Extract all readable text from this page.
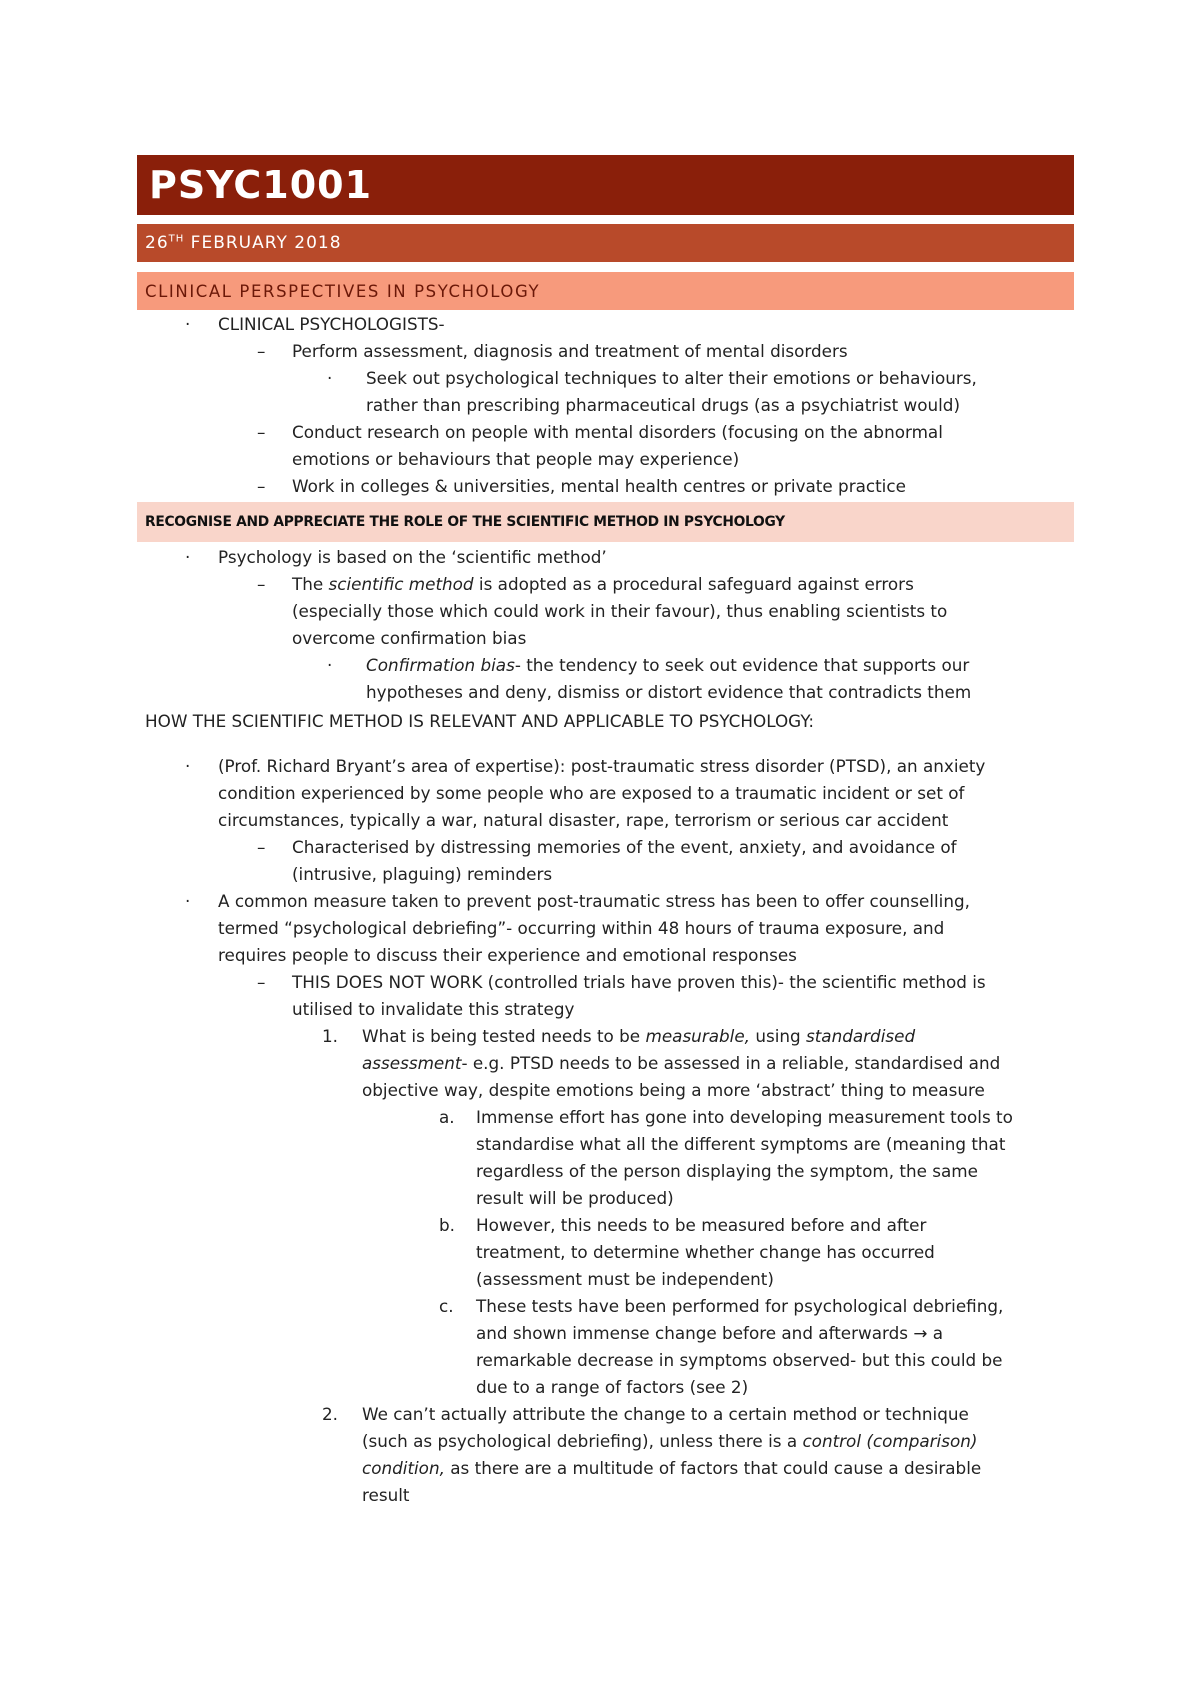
PSYC1001
26TH FEBRUARY 2018
CLINICAL PERSPECTIVES IN PSYCHOLOGY
· CLINICAL PSYCHOLOGISTS-
– Perform assessment, diagnosis and treatment of mental disorders
· Seek out psychological techniques to alter their emotions or behaviours,
rather than prescribing pharmaceutical drugs (as a psychiatrist would)
– Conduct research on people with mental disorders (focusing on the abnormal
emotions or behaviours that people may experience)
– Work in colleges & universities, mental health centres or private practice
RECOGNISE AND APPRECIATE THE ROLE OF THE SCIENTIFIC METHOD IN PSYCHOLOGY
· Psychology is based on the ‘scientific method’
– The scientific method is adopted as a procedural safeguard against errors
(especially those which could work in their favour), thus enabling scientists to
overcome confirmation bias
· Confirmation bias- the tendency to seek out evidence that supports our
hypotheses and deny, dismiss or distort evidence that contradicts them
HOW THE SCIENTIFIC METHOD IS RELEVANT AND APPLICABLE TO PSYCHOLOGY:
· (Prof. Richard Bryant’s area of expertise): post-traumatic stress disorder (PTSD), an anxiety
condition experienced by some people who are exposed to a traumatic incident or set of
circumstances, typically a war, natural disaster, rape, terrorism or serious car accident
– Characterised by distressing memories of the event, anxiety, and avoidance of
(intrusive, plaguing) reminders
· A common measure taken to prevent post-traumatic stress has been to offer counselling,
termed “psychological debriefing”- occurring within 48 hours of trauma exposure, and
requires people to discuss their experience and emotional responses
– THIS DOES NOT WORK (controlled trials have proven this)- the scientific method is
utilised to invalidate this strategy
1. What is being tested needs to be measurable, using standardised
assessment- e.g. PTSD needs to be assessed in a reliable, standardised and
objective way, despite emotions being a more ‘abstract’ thing to measure
a. Immense effort has gone into developing measurement tools to
standardise what all the different symptoms are (meaning that
regardless of the person displaying the symptom, the same
result will be produced)
b. However, this needs to be measured before and after
treatment, to determine whether change has occurred
(assessment must be independent)
c. These tests have been performed for psychological debriefing,
and shown immense change before and afterwards → a
remarkable decrease in symptoms observed- but this could be
due to a range of factors (see 2)
2. We can’t actually attribute the change to a certain method or technique
(such as psychological debriefing), unless there is a control (comparison)
condition, as there are a multitude of factors that could cause a desirable
result
